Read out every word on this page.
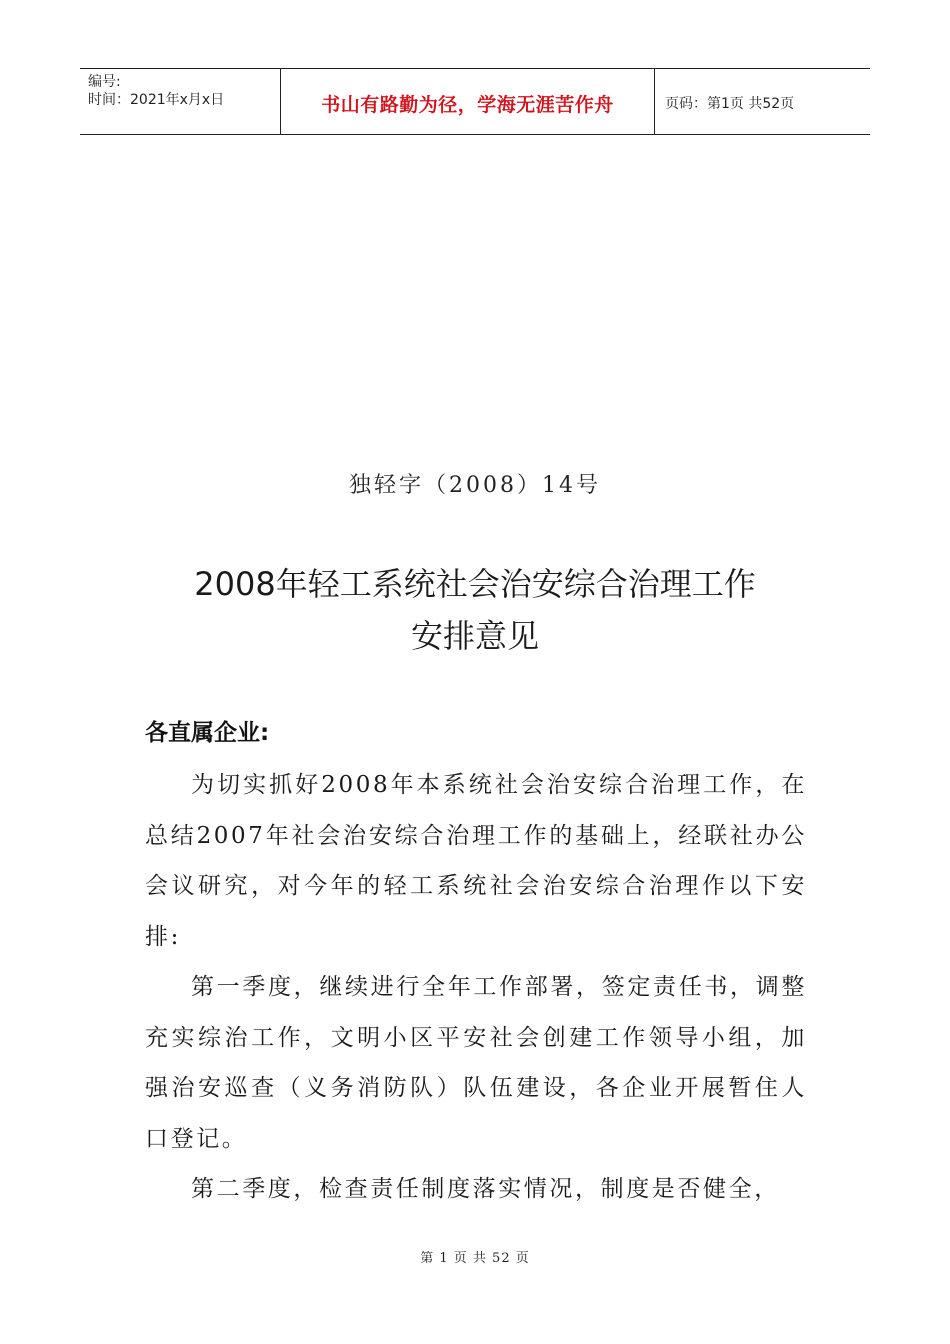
编号:
时间：2021年x月x日	书山有路勤为径，学海无涯苦作舟	页码：第1页 共52页
独轻字（2008）14号
2008年轻工系统社会治安综合治理工作
安排意见
各直属企业:

为切实抓好2008年本系统社会治安综合治理工作，在总结2007年社会治安综合治理工作的基础上，经联社办公会议研究，对今年的轻工系统社会治安综合治理作以下安排:

第一季度，继续进行全年工作部署，签定责任书，调整充实综治工作，文明小区平安社会创建工作领导小组，加强治安巡查（义务消防队）队伍建设，各企业开展暂住人口登记。

第二季度，检查责任制度落实情况，制度是否健全，

第 1 页 共 52 页
